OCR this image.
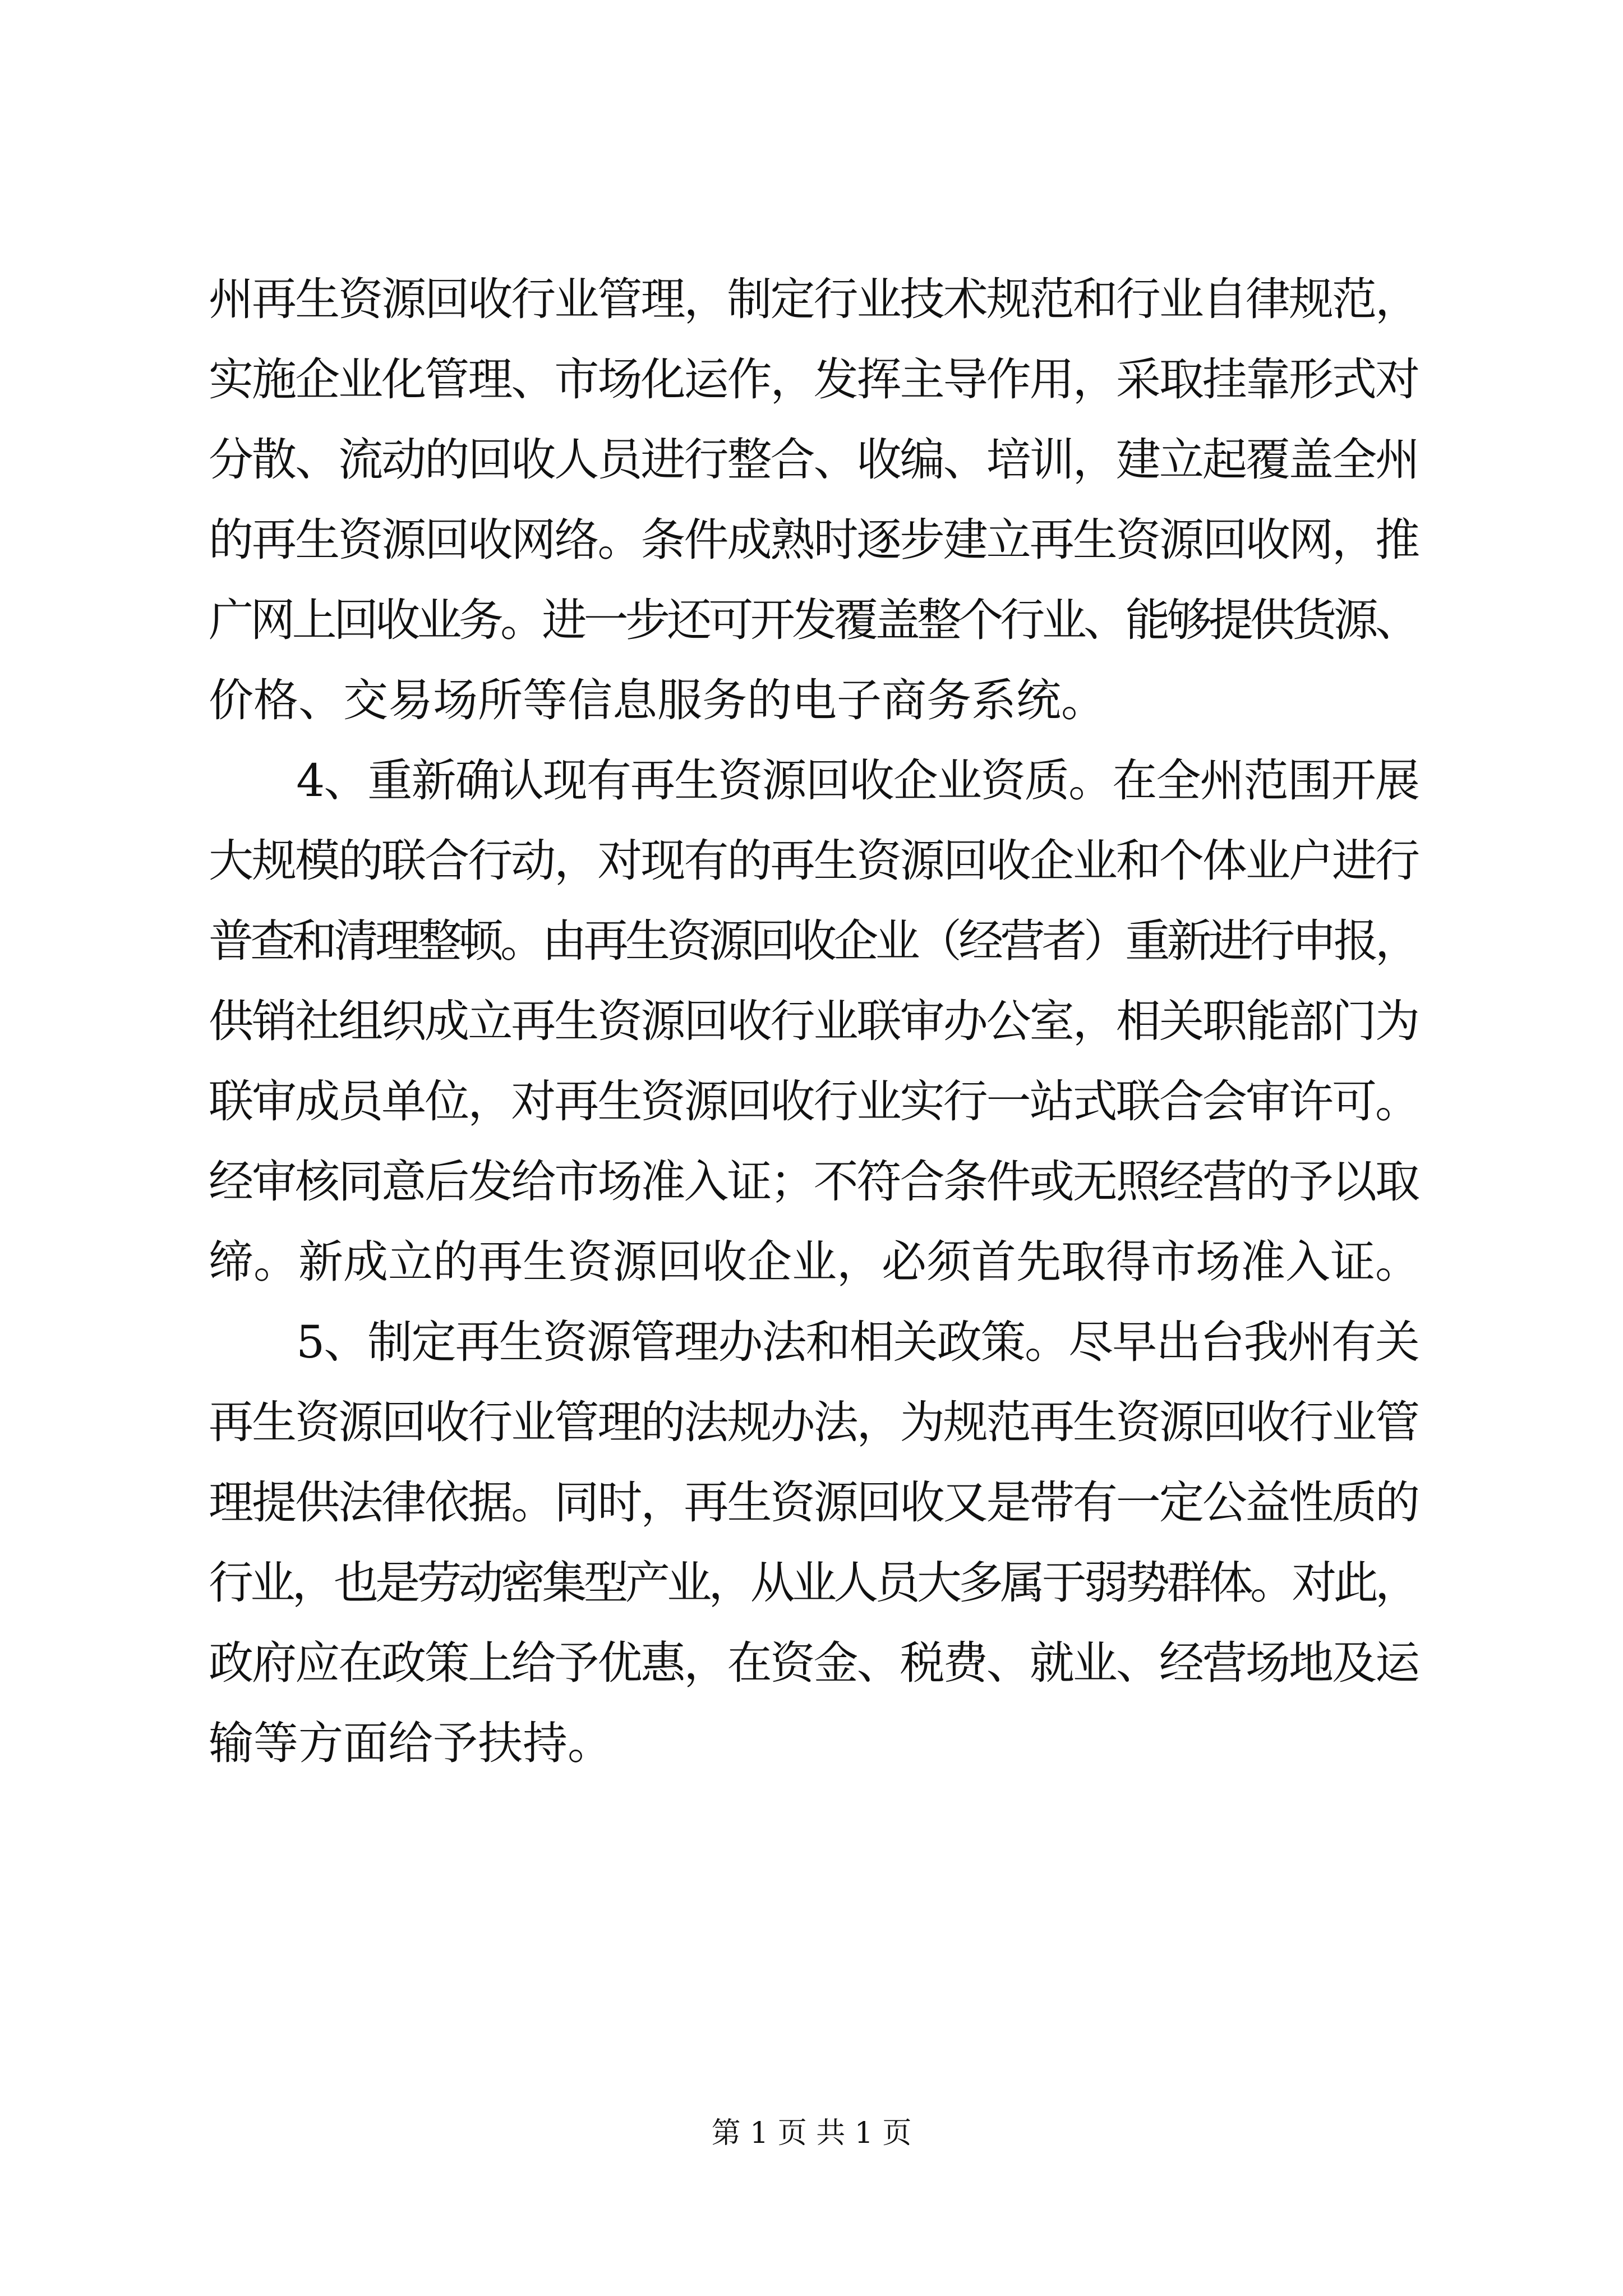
州再生资源回收行业管理，制定行业技术规范和行业自律规范，
实施企业化管理、市场化运作，发挥主导作用，采取挂靠形式对
分散、流动的回收人员进行整合、收编、培训，建立起覆盖全州
的再生资源回收网络。条件成熟时逐步建立再生资源回收网，推
广网上回收业务。进一步还可开发覆盖整个行业、能够提供货源、
价格、交易场所等信息服务的电子商务系统。
　　4、重新确认现有再生资源回收企业资质。在全州范围开展
大规模的联合行动，对现有的再生资源回收企业和个体业户进行
普查和清理整顿。由再生资源回收企业（经营者）重新进行申报，
供销社组织成立再生资源回收行业联审办公室，相关职能部门为
联审成员单位，对再生资源回收行业实行一站式联合会审许可。
经审核同意后发给市场准入证；不符合条件或无照经营的予以取
缔。新成立的再生资源回收企业，必须首先取得市场准入证。
　　5、制定再生资源管理办法和相关政策。尽早出台我州有关
再生资源回收行业管理的法规办法，为规范再生资源回收行业管
理提供法律依据。同时，再生资源回收又是带有一定公益性质的
行业，也是劳动密集型产业，从业人员大多属于弱势群体。对此，
政府应在政策上给予优惠，在资金、税费、就业、经营场地及运
输等方面给予扶持。
第 1 页 共 1 页
